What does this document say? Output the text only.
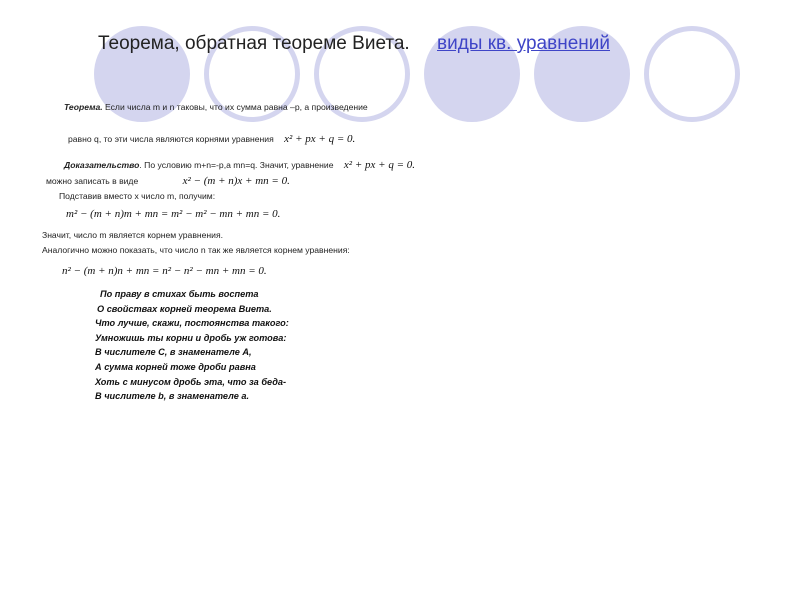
Теорема, обратная теореме Виета. виды кв. уравнений
Теорема. Если числа m и n таковы, что их сумма равна –p, а произведение
равно q, то эти числа являются корнями уравнения x² + px + q = 0.
Доказательство. По условию m+n=-p,a mn=q. Значит, уравнение x² + px + q = 0.
можно записать в виде	x² − (m + n)x + mn = 0.
Подставив вместо x число m, получим:
m² − (m + n)m + mn = m² − m² − mn + mn = 0.
Значит, число m является корнем уравнения.
Аналогично можно показать, что число n так же является корнем уравнения:
n² − (m + n)n + mn = n² − n² − mn + mn = 0.
По праву в стихах быть воспета
О свойствах корней теорема Виета.
Что лучше, скажи, постоянства такого:
Умножишь ты корни и дробь уж готова:
В числителе С, в знаменателе А,
А сумма корней тоже дроби равна
Хоть с минусом дробь эта, что за беда-
В числителе b, в знаменателе a.
